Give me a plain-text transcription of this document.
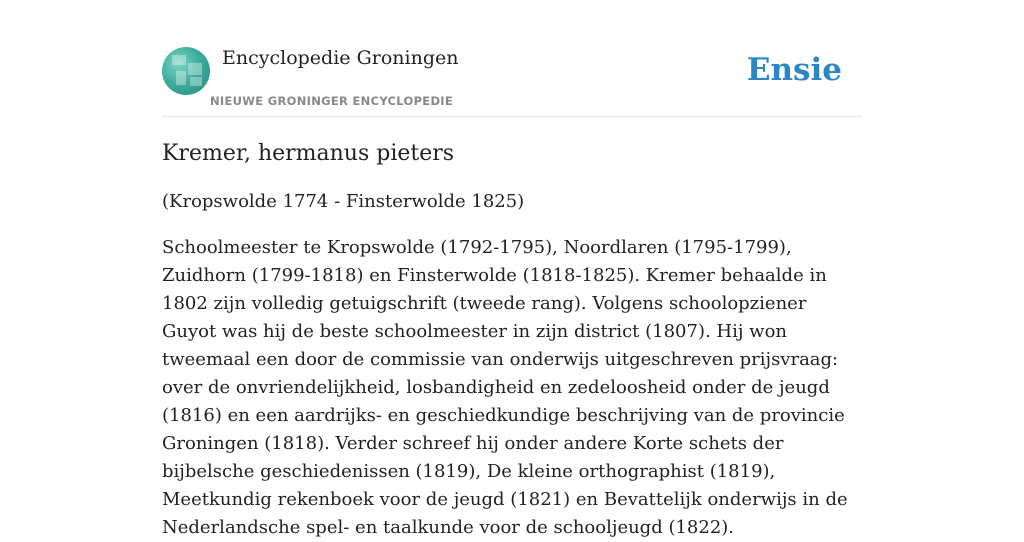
Encyclopedie Groningen
NIEUWE GRONINGER ENCYCLOPEDIE
Ensie
Kremer, hermanus pieters

(Kropswolde 1774 - Finsterwolde 1825)

Schoolmeester te Kropswolde (1792-1795), Noordlaren (1795-1799), Zuidhorn (1799-1818) en Finsterwolde (1818-1825). Kremer behaalde in 1802 zijn volledig getuigschrift (tweede rang). Volgens schoolopziener Guyot was hij de beste schoolmeester in zijn district (1807). Hij won tweemaal een door de commissie van onderwijs uitgeschreven prijsvraag: over de onvriendelijkheid, losbandigheid en zedeloosheid onder de jeugd (1816) en een aardrijks- en geschiedkundige beschrijving van de provincie Groningen (1818). Verder schreef hij onder andere Korte schets der bijbelsche geschiedenissen (1819), De kleine orthographist (1819), Meetkundig rekenboek voor de jeugd (1821) en Bevattelijk onderwijs in de Nederlandsche spel- en taalkunde voor de schooljeugd (1822).
